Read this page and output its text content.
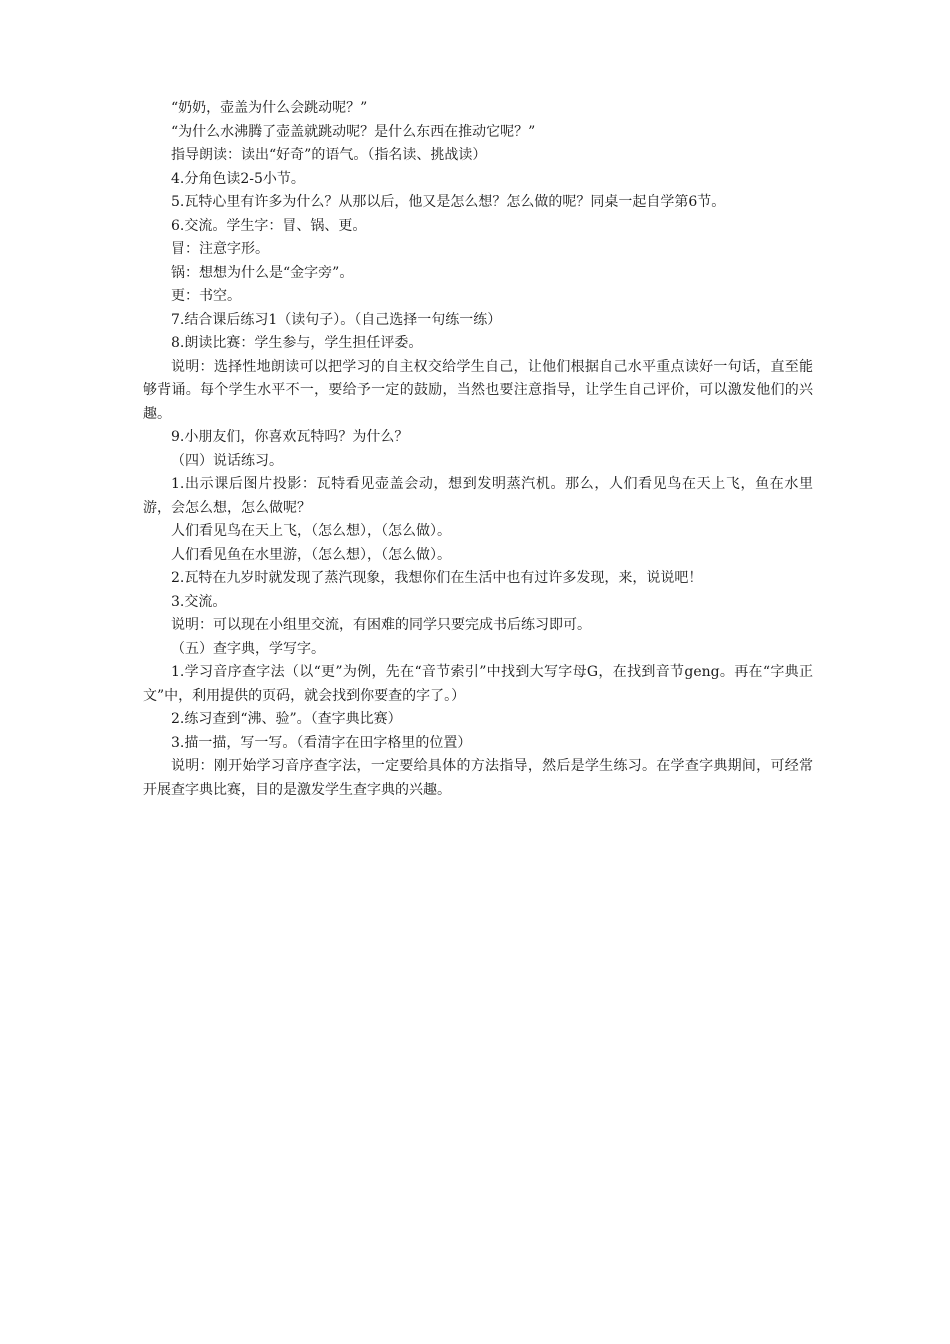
“奶奶，壶盖为什么会跳动呢？”

“为什么水沸腾了壶盖就跳动呢？是什么东西在推动它呢？”

指导朗读：读出“好奇”的语气。（指名读、挑战读）

4.分角色读2-5小节。

5.瓦特心里有许多为什么？从那以后，他又是怎么想？怎么做的呢？同桌一起自学第6节。

6.交流。学生字：冒、锅、更。

冒：注意字形。

锅：想想为什么是“金字旁”。

更：书空。

7.结合课后练习1（读句子）。（自己选择一句练一练）

8.朗读比赛：学生参与，学生担任评委。

说明：选择性地朗读可以把学习的自主权交给学生自己，让他们根据自己水平重点读好一句话，直至能够背诵。每个学生水平不一，要给予一定的鼓励，当然也要注意指导，让学生自己评价，可以激发他们的兴趣。

9.小朋友们，你喜欢瓦特吗？为什么？

（四）说话练习。

1.出示课后图片投影：瓦特看见壶盖会动，想到发明蒸汽机。那么，人们看见鸟在天上飞，鱼在水里游，会怎么想，怎么做呢？

人们看见鸟在天上飞，（怎么想），（怎么做）。

人们看见鱼在水里游，（怎么想），（怎么做）。

2.瓦特在九岁时就发现了蒸汽现象，我想你们在生活中也有过许多发现，来，说说吧！

3.交流。

说明：可以现在小组里交流，有困难的同学只要完成书后练习即可。

（五）查字典，学写字。

1.学习音序查字法（以“更”为例，先在“音节索引”中找到大写字母G，在找到音节geng。再在“字典正文”中，利用提供的页码，就会找到你要查的字了。）

2.练习查到“沸、验”。（查字典比赛）

3.描一描，写一写。（看清字在田字格里的位置）

说明：刚开始学习音序查字法，一定要给具体的方法指导，然后是学生练习。在学查字典期间，可经常开展查字典比赛，目的是激发学生查字典的兴趣。
